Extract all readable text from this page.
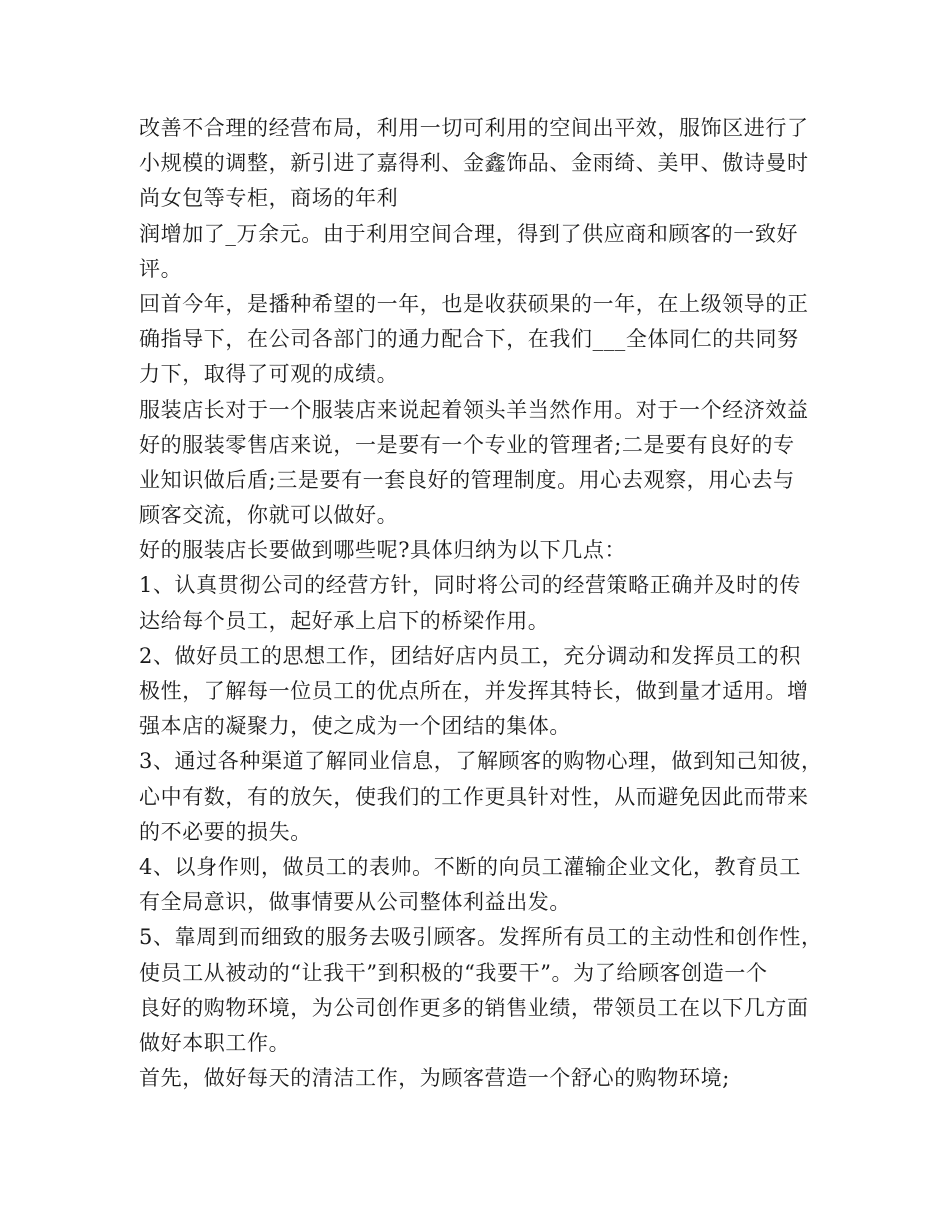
改善不合理的经营布局，利用一切可利用的空间出平效，服饰区进行了
小规模的调整，新引进了嘉得利、金鑫饰品、金雨绮、美甲、傲诗曼时
尚女包等专柜，商场的年利
润增加了_万余元。由于利用空间合理，得到了供应商和顾客的一致好
评。
回首今年，是播种希望的一年，也是收获硕果的一年，在上级领导的正
确指导下，在公司各部门的通力配合下，在我们___全体同仁的共同努
力下，取得了可观的成绩。
服装店长对于一个服装店来说起着领头羊当然作用。对于一个经济效益
好的服装零售店来说，一是要有一个专业的管理者;二是要有良好的专
业知识做后盾;三是要有一套良好的管理制度。用心去观察，用心去与
顾客交流，你就可以做好。
好的服装店长要做到哪些呢?具体归纳为以下几点：
1、认真贯彻公司的经营方针，同时将公司的经营策略正确并及时的传
达给每个员工，起好承上启下的桥梁作用。
2、做好员工的思想工作，团结好店内员工，充分调动和发挥员工的积
极性，了解每一位员工的优点所在，并发挥其特长，做到量才适用。增
强本店的凝聚力，使之成为一个团结的集体。
3、通过各种渠道了解同业信息，了解顾客的购物心理，做到知己知彼，
心中有数，有的放矢，使我们的工作更具针对性，从而避免因此而带来
的不必要的损失。
4、以身作则，做员工的表帅。不断的向员工灌输企业文化，教育员工
有全局意识，做事情要从公司整体利益出发。
5、靠周到而细致的服务去吸引顾客。发挥所有员工的主动性和创作性，
使员工从被动的“让我干”到积极的“我要干”。为了给顾客创造一个
良好的购物环境，为公司创作更多的销售业绩，带领员工在以下几方面
做好本职工作。
首先，做好每天的清洁工作，为顾客营造一个舒心的购物环境;
